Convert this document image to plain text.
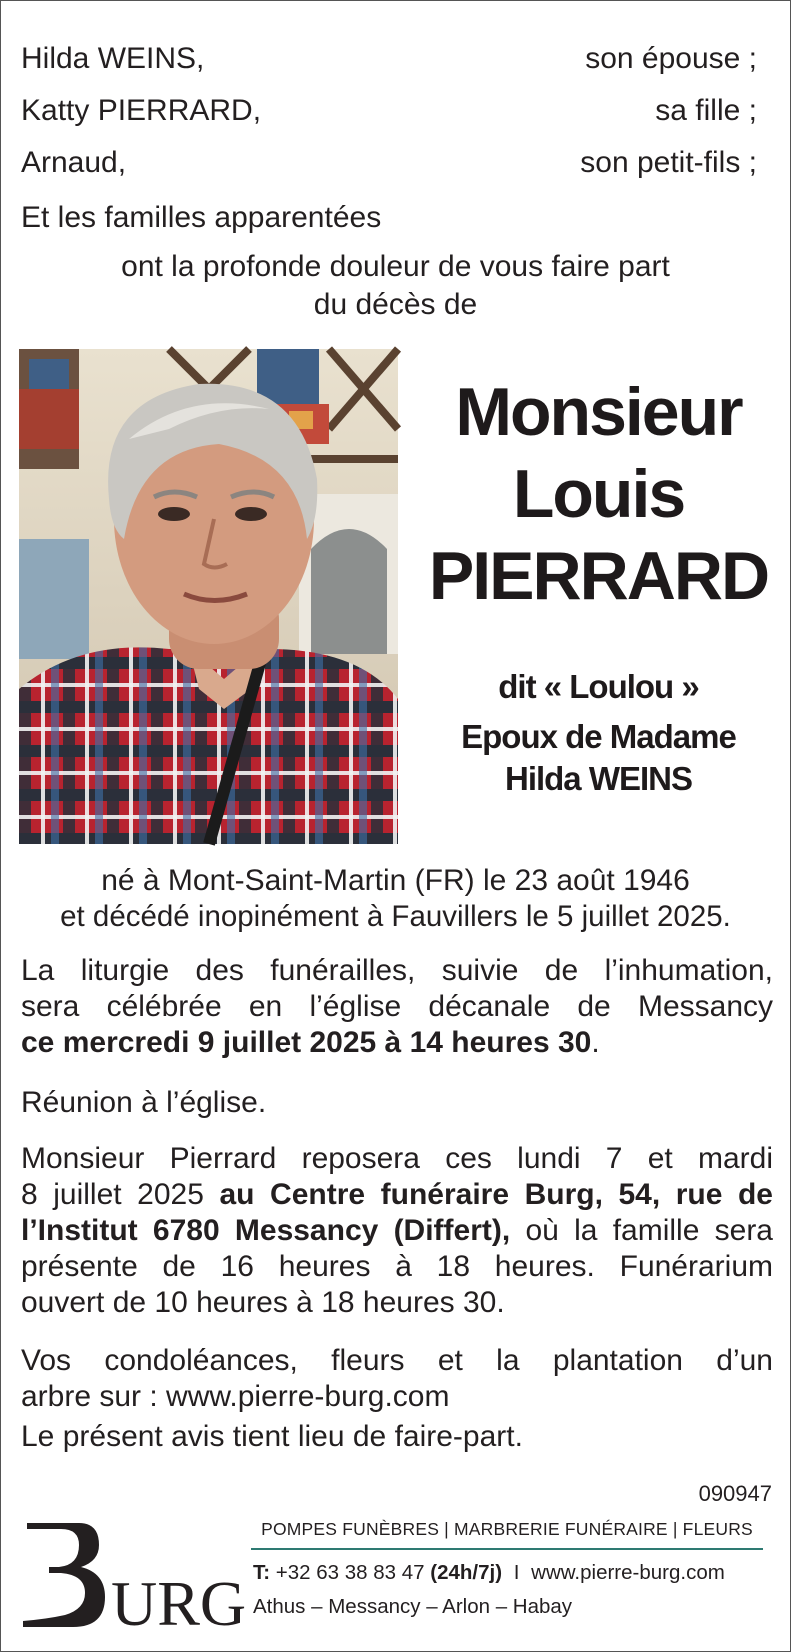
Hilda WEINS,	son épouse ;
Katty PIERRARD,	sa fille ;
Arnaud,	son petit-fils ;
Et les familles apparentées
ont la profonde douleur de vous faire part
du décès de
Monsieur
Louis
PIERRARD
dit « Loulou »
Epoux de Madame
Hilda WEINS
né à Mont-Saint-Martin (FR) le 23 août 1946
et décédé inopinément à Fauvillers le 5 juillet 2025.
La liturgie des funérailles, suivie de l’inhumation,
sera célébrée en l’église décanale de Messancy
ce mercredi 9 juillet 2025 à 14 heures 30.
Réunion à l’église.
Monsieur Pierrard reposera ces lundi 7 et mardi
8 juillet 2025 au Centre funéraire Burg, 54, rue de
l’Institut 6780 Messancy (Differt), où la famille sera
présente de 16 heures à 18 heures. Funérarium
ouvert de 10 heures à 18 heures 30.
Vos condoléances, fleurs et la plantation d’un
arbre sur : www.pierre-burg.com
Le présent avis tient lieu de faire-part.
090947
URG
POMPES FUNÈBRES | MARBRERIE FUNÉRAIRE | FLEURS
T: +32 63 38 83 47 (24h/7j) I www.pierre-burg.com
Athus – Messancy – Arlon – Habay
